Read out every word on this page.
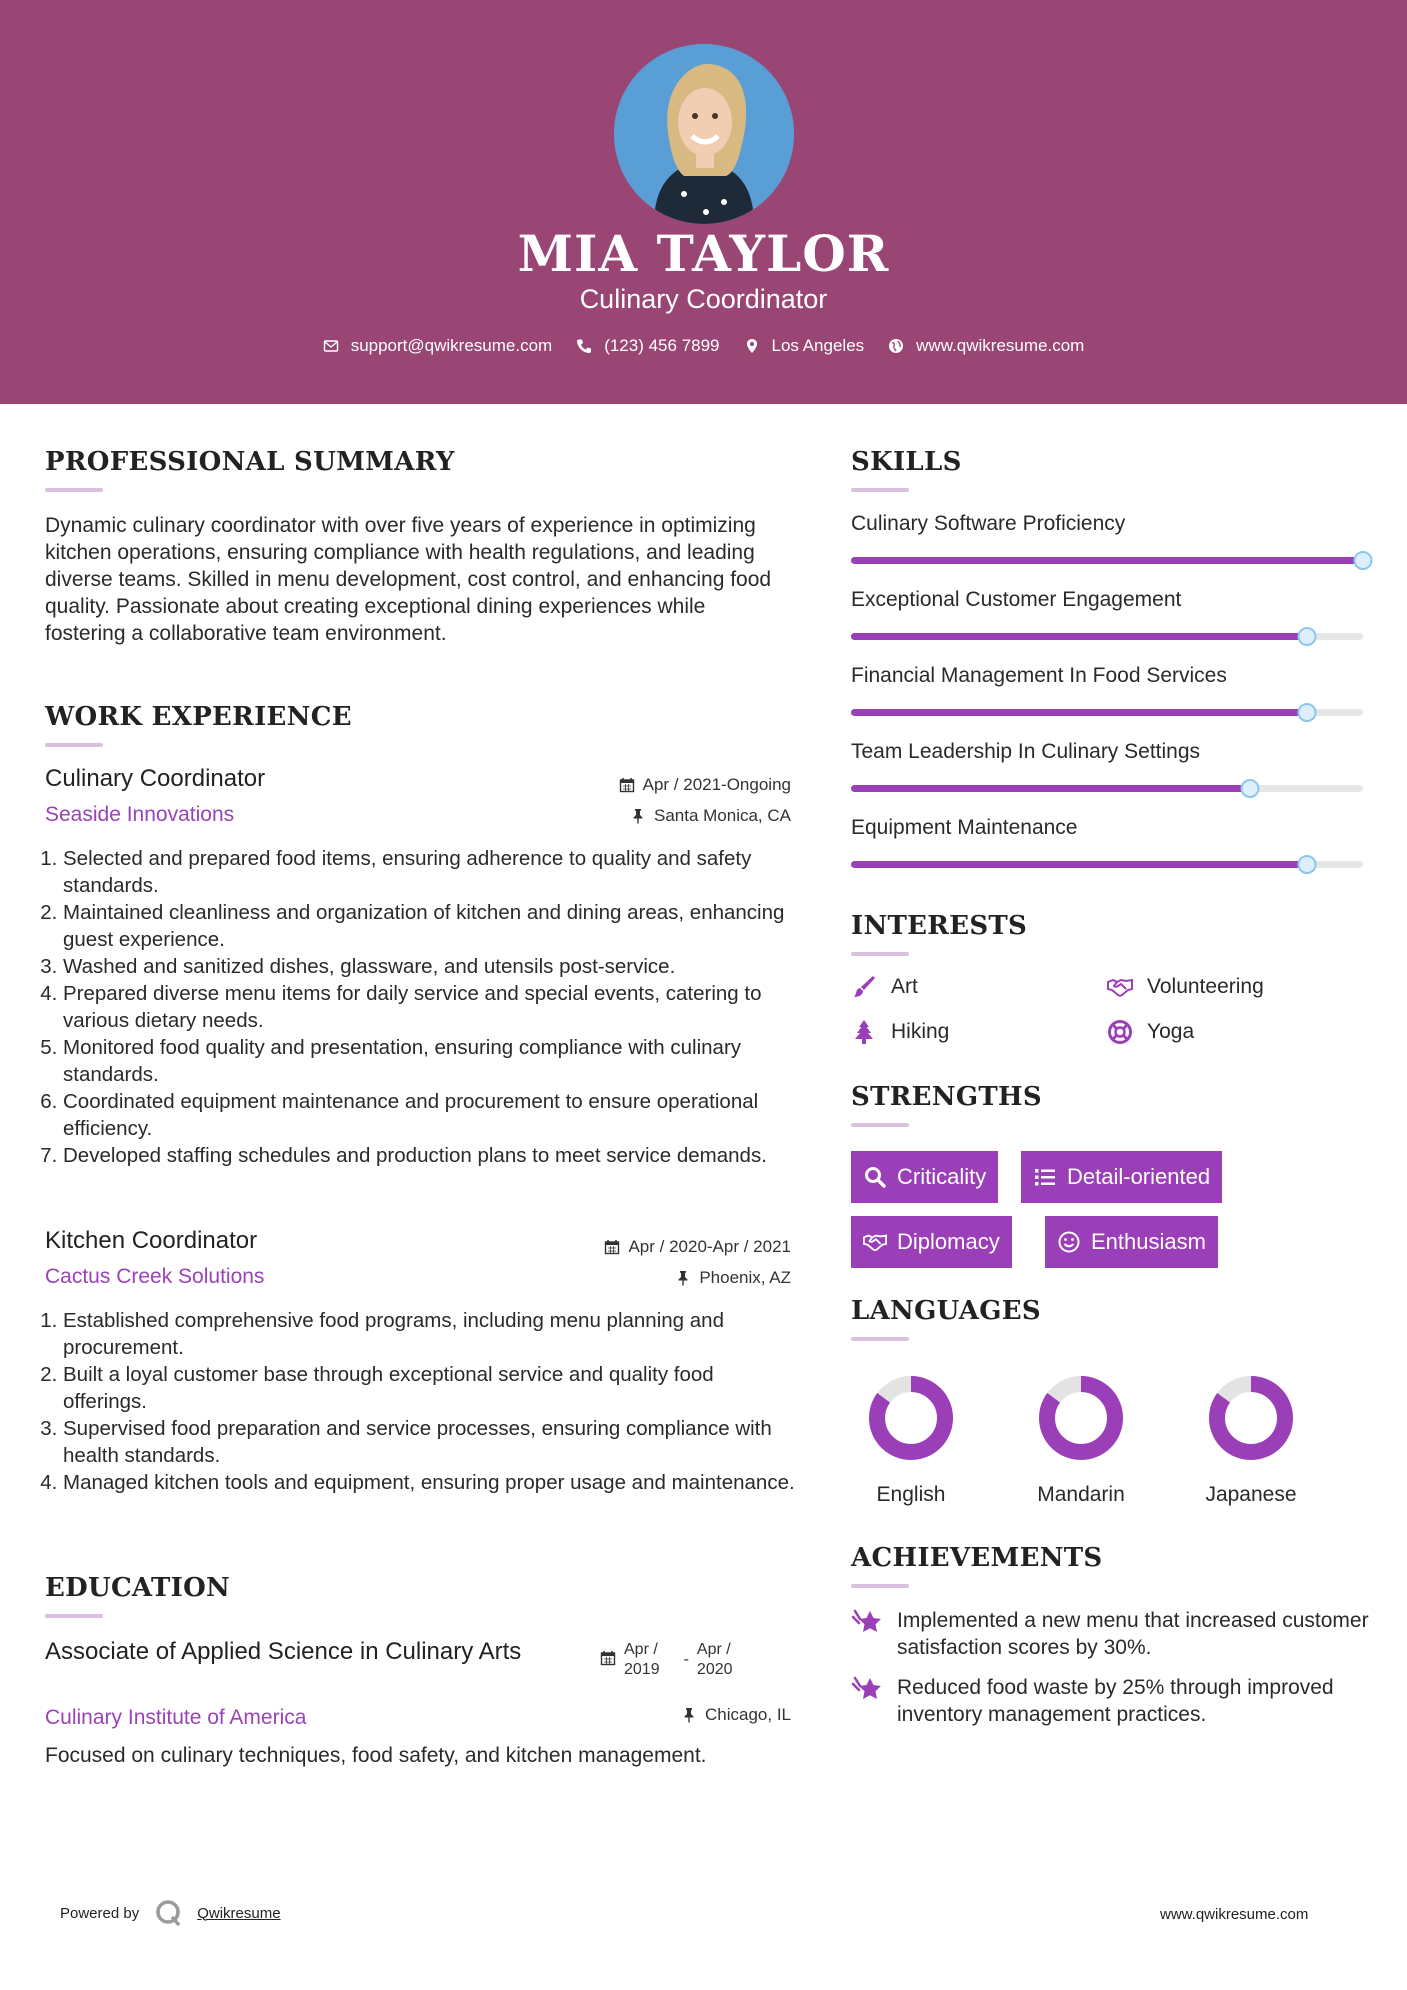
MIA TAYLOR
Culinary Coordinator
support@qwikresume.com	(123) 456 7899	Los Angeles	www.qwikresume.com
PROFESSIONAL SUMMARY
Dynamic culinary coordinator with over five years of experience in optimizing kitchen operations, ensuring compliance with health regulations, and leading diverse teams. Skilled in menu development, cost control, and enhancing food quality. Passionate about creating exceptional dining experiences while fostering a collaborative team environment.
WORK EXPERIENCE
Culinary Coordinator
Seaside Innovations
Apr / 2021-Ongoing
Santa Monica, CA
1. Selected and prepared food items, ensuring adherence to quality and safety standards.
2. Maintained cleanliness and organization of kitchen and dining areas, enhancing guest experience.
3. Washed and sanitized dishes, glassware, and utensils post-service.
4. Prepared diverse menu items for daily service and special events, catering to various dietary needs.
5. Monitored food quality and presentation, ensuring compliance with culinary standards.
6. Coordinated equipment maintenance and procurement to ensure operational efficiency.
7. Developed staffing schedules and production plans to meet service demands.
Kitchen Coordinator
Cactus Creek Solutions
Apr / 2020-Apr / 2021
Phoenix, AZ
1. Established comprehensive food programs, including menu planning and procurement.
2. Built a loyal customer base through exceptional service and quality food offerings.
3. Supervised food preparation and service processes, ensuring compliance with health standards.
4. Managed kitchen tools and equipment, ensuring proper usage and maintenance.
EDUCATION
Associate of Applied Science in Culinary Arts
Culinary Institute of America
Apr /
2019
-
Apr /
2020
Chicago, IL
Focused on culinary techniques, food safety, and kitchen management.
SKILLS
Culinary Software Proficiency
Exceptional Customer Engagement
Financial Management In Food Services
Team Leadership In Culinary Settings
Equipment Maintenance
INTERESTS
Art	Volunteering
Hiking	Yoga
STRENGTHS
Criticality	Detail-oriented
Diplomacy	Enthusiasm
LANGUAGES
English	Mandarin	Japanese
ACHIEVEMENTS
Implemented a new menu that increased customer satisfaction scores by 30%.
Reduced food waste by 25% through improved inventory management practices.
Powered by	Qwikresume	www.qwikresume.com
